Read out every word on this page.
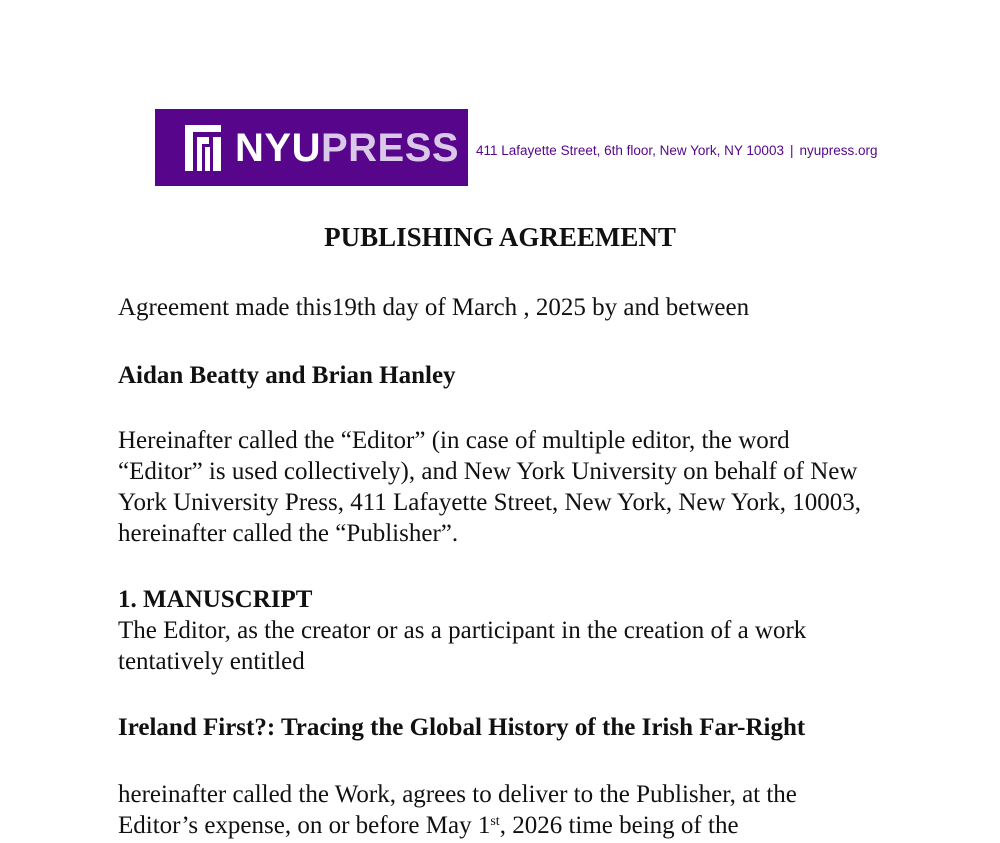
NYUPRESS 411 Lafayette Street, 6th floor, New York, NY 10003 | nyupress.org
PUBLISHING AGREEMENT

Agreement made this19th day of March , 2025 by and between

Aidan Beatty and Brian Hanley

Hereinafter called the “Editor” (in case of multiple editor, the word “Editor” is used collectively), and New York University on behalf of New York University Press, 411 Lafayette Street, New York, New York, 10003, hereinafter called the “Publisher”.

1. MANUSCRIPT

The Editor, as the creator or as a participant in the creation of a work tentatively entitled

Ireland First?: Tracing the Global History of the Irish Far-Right

hereinafter called the Work, agrees to deliver to the Publisher, at the Editor’s expense, on or before May 1st, 2026 time being of the
